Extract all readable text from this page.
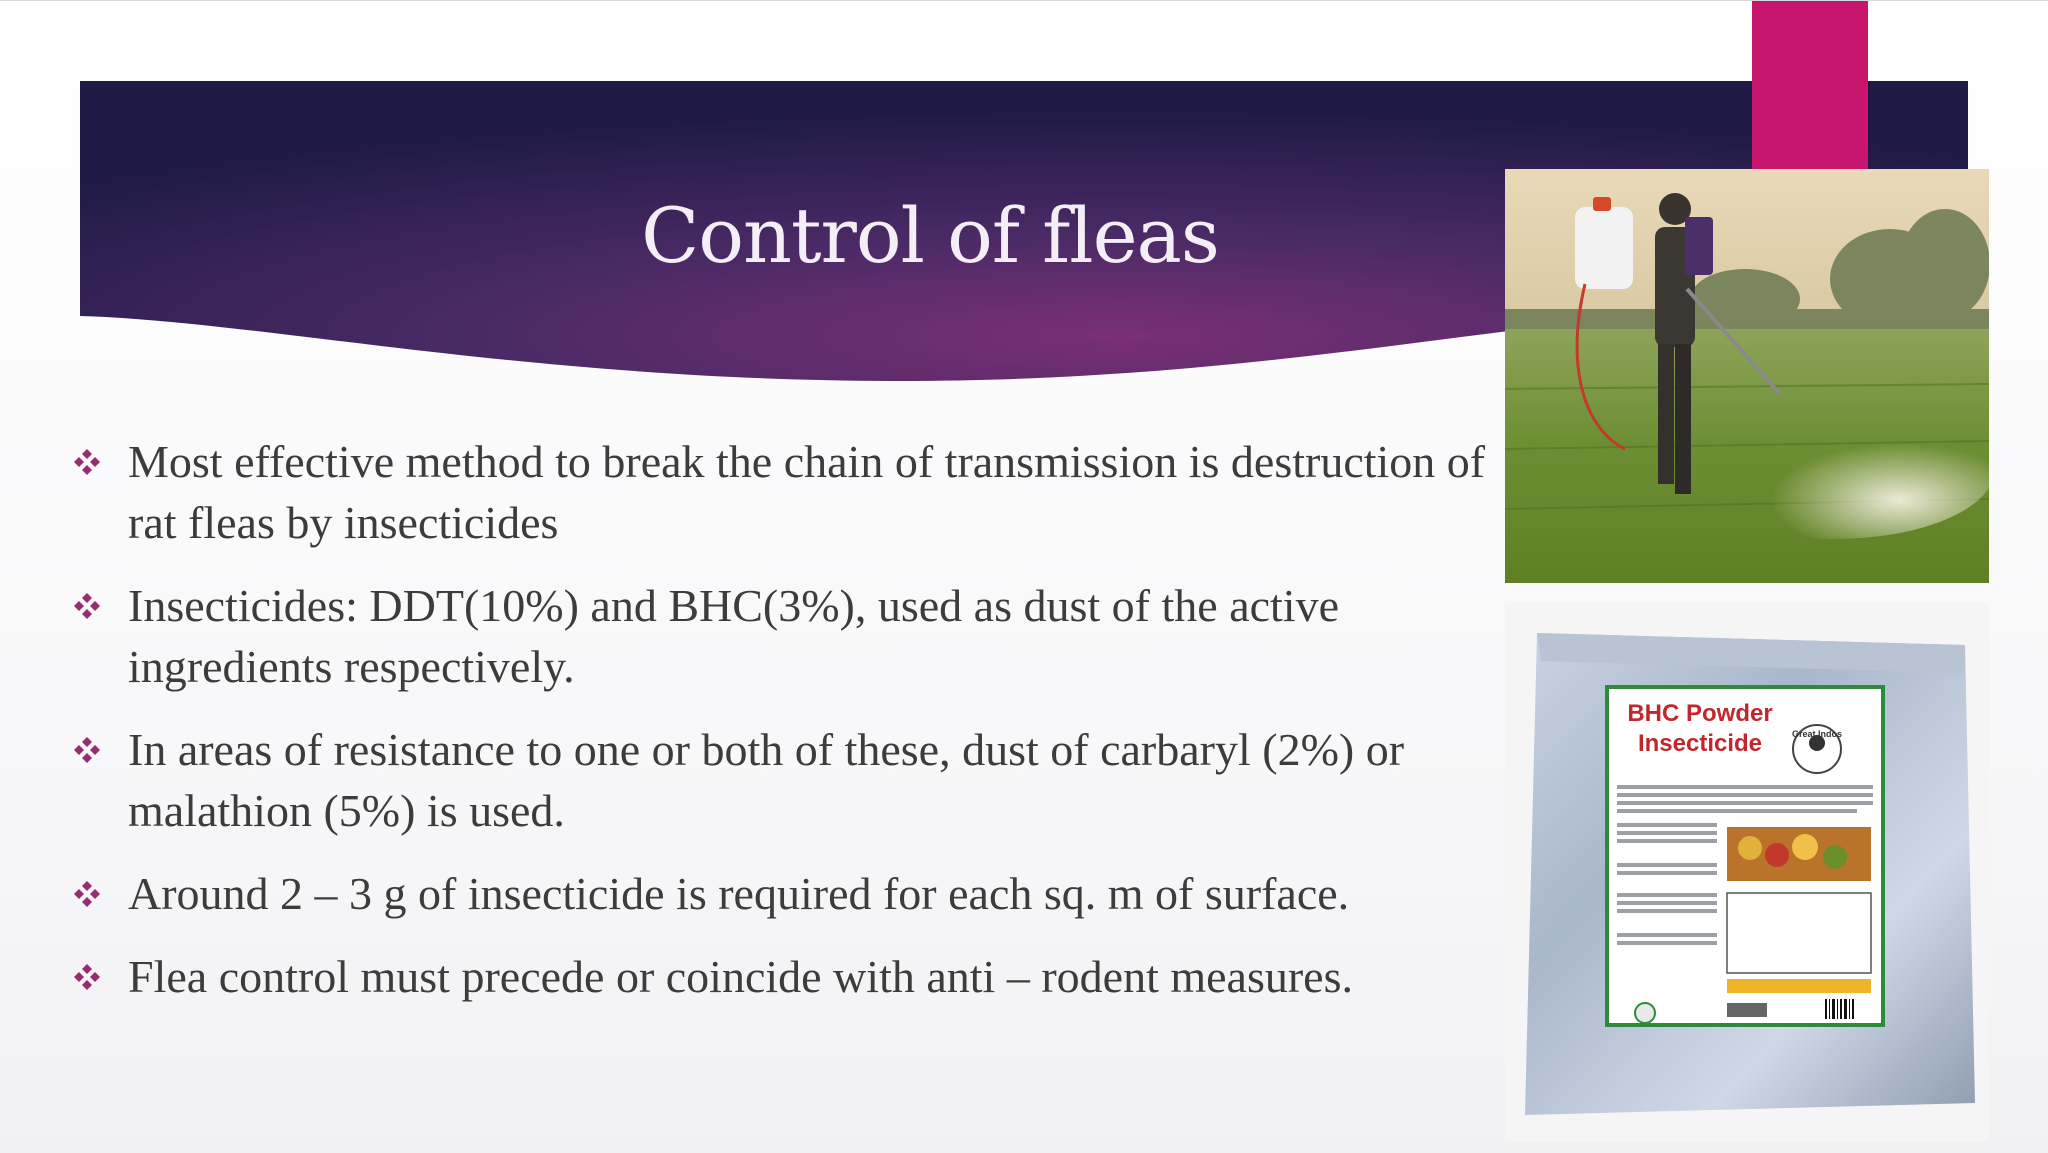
Control of fleas
Most effective method to break the chain of transmission is destruction of rat fleas by insecticides
Insecticides: DDT(10%) and BHC(3%), used as dust of the active ingredients respectively.
In areas of resistance to one or both of these, dust of carbaryl (2%) or malathion (5%) is used.
Around 2 – 3 g of insecticide is required for each sq. m of surface.
Flea control must precede or coincide with anti – rodent measures.
BHC Powder Insecticide	Great Indos
